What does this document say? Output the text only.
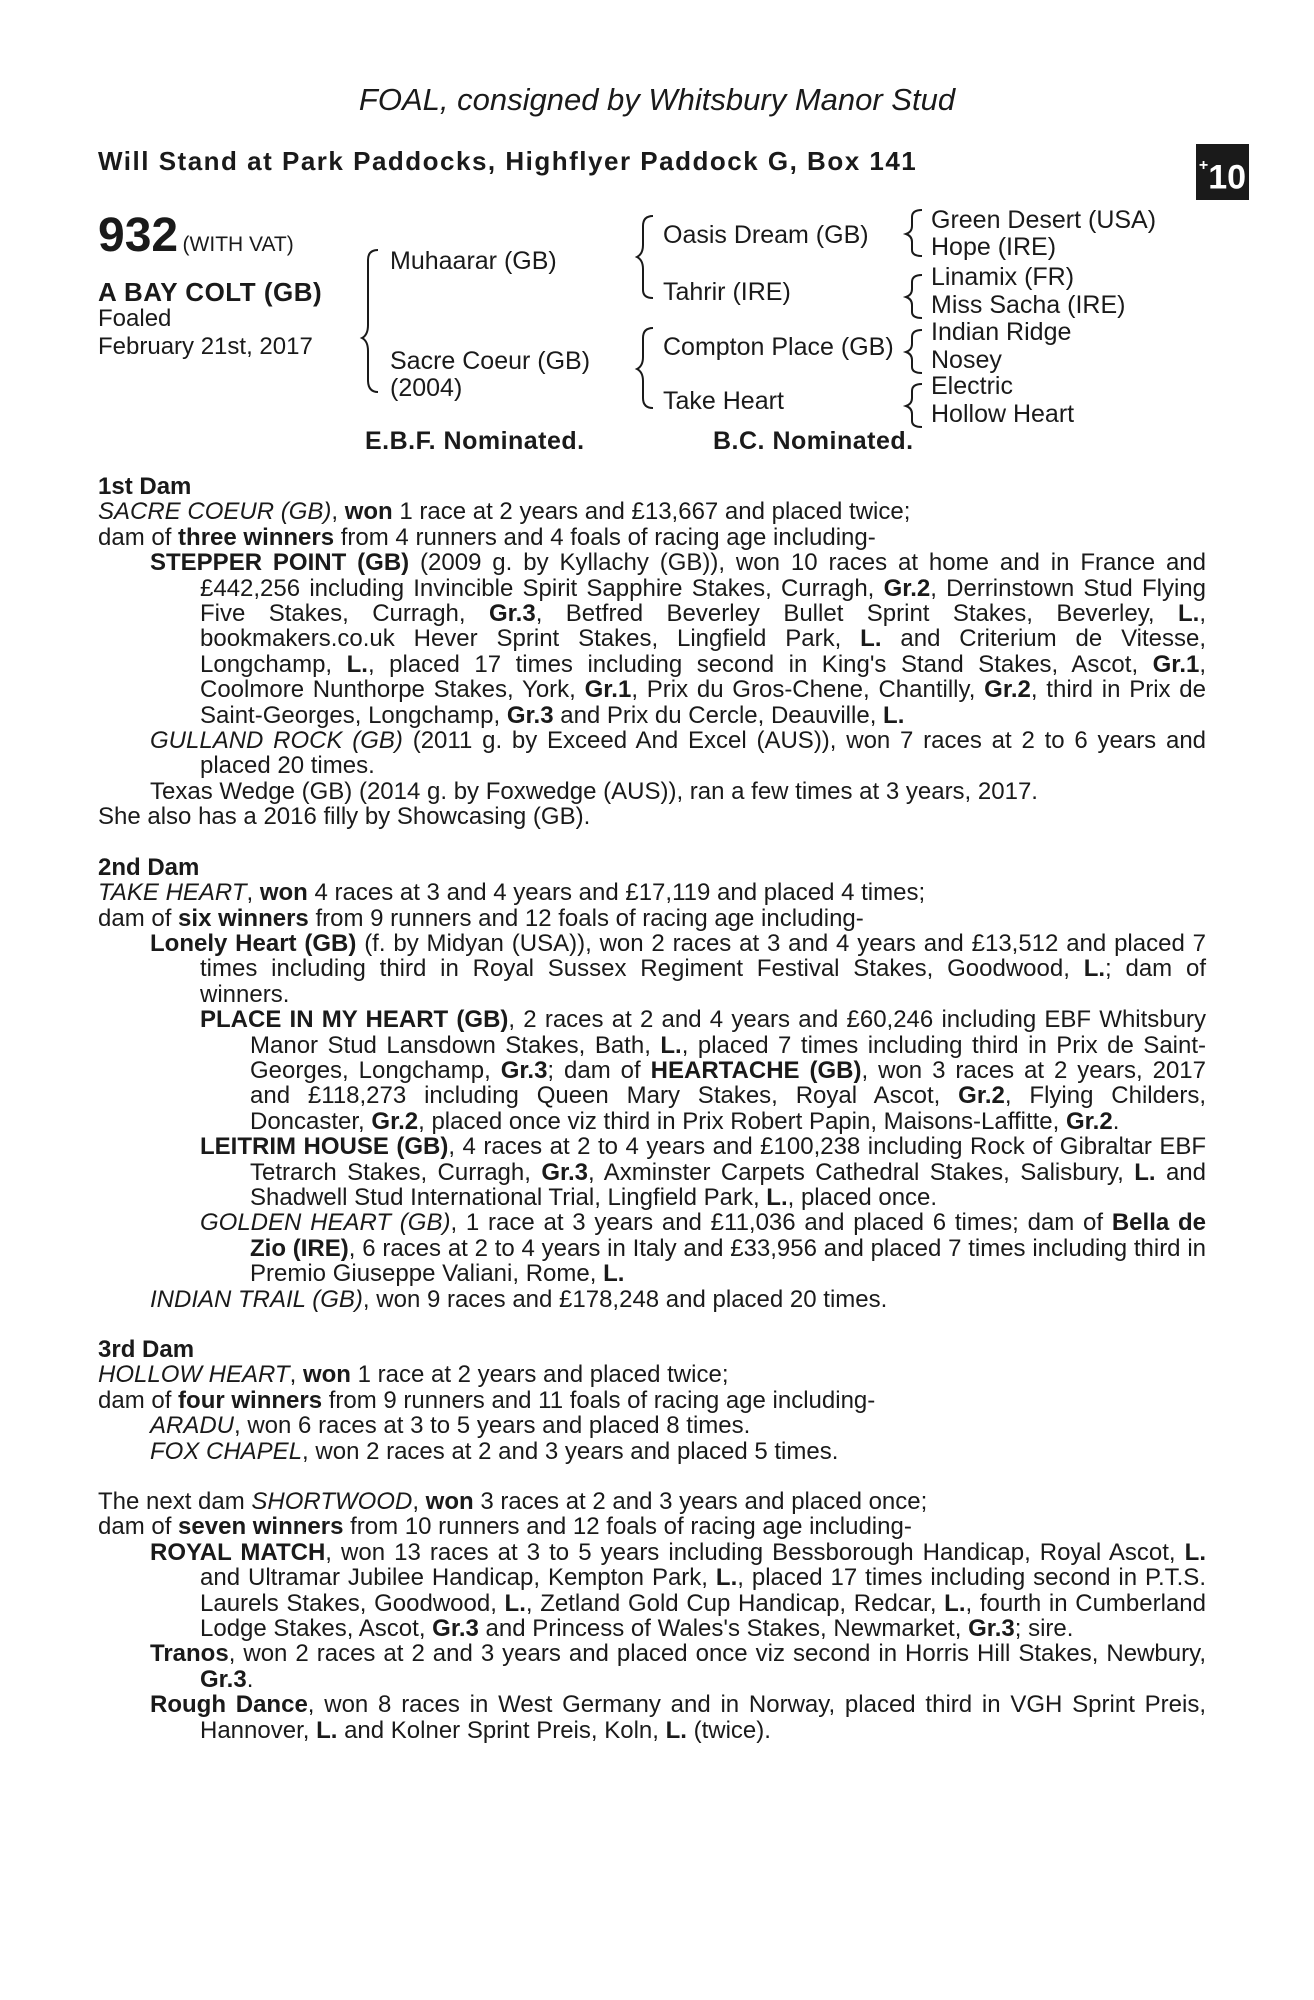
FOAL, consigned by Whitsbury Manor Stud
Will Stand at Park Paddocks, Highflyer Paddock G, Box 141	+10
932 (WITH VAT)
A BAY COLT (GB)
Foaled
February 21st, 2017
Muhaarar (GB)
Sacre Coeur (GB)
(2004)
Oasis Dream (GB)
Tahrir (IRE)
Compton Place (GB)
Take Heart
Green Desert (USA)
Hope (IRE)
Linamix (FR)
Miss Sacha (IRE)
Indian Ridge
Nosey
Electric
Hollow Heart
E.B.F. Nominated.	B.C. Nominated.
1st Dam
SACRE COEUR (GB), won 1 race at 2 years and £13,667 and placed twice;
dam of three winners from 4 runners and 4 foals of racing age including-
STEPPER POINT (GB) (2009 g. by Kyllachy (GB)), won 10 races at home and in France and £442,256 including Invincible Spirit Sapphire Stakes, Curragh, Gr.2, Derrinstown Stud Flying Five Stakes, Curragh, Gr.3, Betfred Beverley Bullet Sprint Stakes, Beverley, L., bookmakers.co.uk Hever Sprint Stakes, Lingfield Park, L. and Criterium de Vitesse, Longchamp, L., placed 17 times including second in King's Stand Stakes, Ascot, Gr.1, Coolmore Nunthorpe Stakes, York, Gr.1, Prix du Gros-Chene, Chantilly, Gr.2, third in Prix de Saint-Georges, Longchamp, Gr.3 and Prix du Cercle, Deauville, L.
GULLAND ROCK (GB) (2011 g. by Exceed And Excel (AUS)), won 7 races at 2 to 6 years and placed 20 times.
Texas Wedge (GB) (2014 g. by Foxwedge (AUS)), ran a few times at 3 years, 2017.
She also has a 2016 filly by Showcasing (GB).
2nd Dam
TAKE HEART, won 4 races at 3 and 4 years and £17,119 and placed 4 times;
dam of six winners from 9 runners and 12 foals of racing age including-
Lonely Heart (GB) (f. by Midyan (USA)), won 2 races at 3 and 4 years and £13,512 and placed 7 times including third in Royal Sussex Regiment Festival Stakes, Goodwood, L.; dam of winners.
PLACE IN MY HEART (GB), 2 races at 2 and 4 years and £60,246 including EBF Whitsbury Manor Stud Lansdown Stakes, Bath, L., placed 7 times including third in Prix de Saint-Georges, Longchamp, Gr.3; dam of HEARTACHE (GB), won 3 races at 2 years, 2017 and £118,273 including Queen Mary Stakes, Royal Ascot, Gr.2, Flying Childers, Doncaster, Gr.2, placed once viz third in Prix Robert Papin, Maisons-Laffitte, Gr.2.
LEITRIM HOUSE (GB), 4 races at 2 to 4 years and £100,238 including Rock of Gibraltar EBF Tetrarch Stakes, Curragh, Gr.3, Axminster Carpets Cathedral Stakes, Salisbury, L. and Shadwell Stud International Trial, Lingfield Park, L., placed once.
GOLDEN HEART (GB), 1 race at 3 years and £11,036 and placed 6 times; dam of Bella de Zio (IRE), 6 races at 2 to 4 years in Italy and £33,956 and placed 7 times including third in Premio Giuseppe Valiani, Rome, L.
INDIAN TRAIL (GB), won 9 races and £178,248 and placed 20 times.
3rd Dam
HOLLOW HEART, won 1 race at 2 years and placed twice;
dam of four winners from 9 runners and 11 foals of racing age including-
ARADU, won 6 races at 3 to 5 years and placed 8 times.
FOX CHAPEL, won 2 races at 2 and 3 years and placed 5 times.
The next dam SHORTWOOD, won 3 races at 2 and 3 years and placed once;
dam of seven winners from 10 runners and 12 foals of racing age including-
ROYAL MATCH, won 13 races at 3 to 5 years including Bessborough Handicap, Royal Ascot, L. and Ultramar Jubilee Handicap, Kempton Park, L., placed 17 times including second in P.T.S. Laurels Stakes, Goodwood, L., Zetland Gold Cup Handicap, Redcar, L., fourth in Cumberland Lodge Stakes, Ascot, Gr.3 and Princess of Wales's Stakes, Newmarket, Gr.3; sire.
Tranos, won 2 races at 2 and 3 years and placed once viz second in Horris Hill Stakes, Newbury, Gr.3.
Rough Dance, won 8 races in West Germany and in Norway, placed third in VGH Sprint Preis, Hannover, L. and Kolner Sprint Preis, Koln, L. (twice).
